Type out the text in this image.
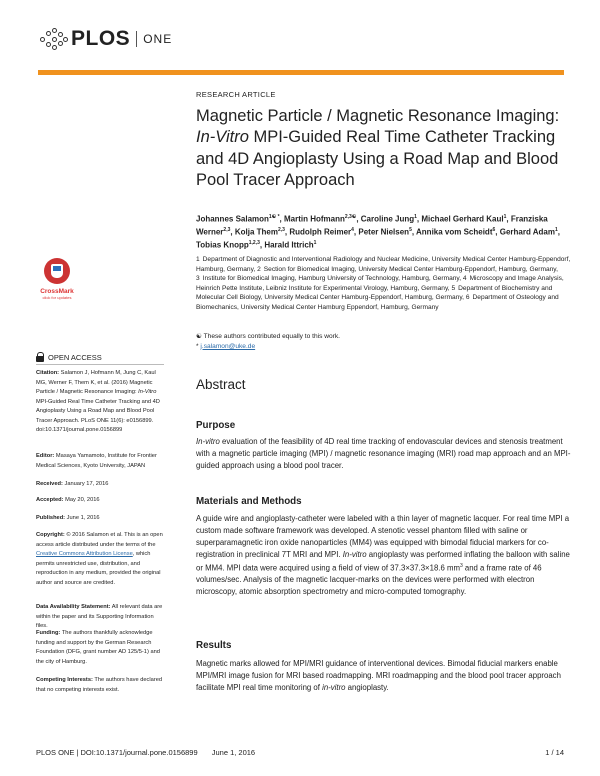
PLOS ONE
CrossMark
click for updates
OPEN ACCESS
Citation: Salamon J, Hofmann M, Jung C, Kaul MG, Werner F, Them K, et al. (2016) Magnetic Particle / Magnetic Resonance Imaging: In-Vitro MPI-Guided Real Time Catheter Tracking and 4D Angioplasty Using a Road Map and Blood Pool Tracer Approach. PLoS ONE 11(6): e0156899. doi:10.1371/journal.pone.0156899
Editor: Masaya Yamamoto, Institute for Frontier Medical Sciences, Kyoto University, JAPAN
Received: January 17, 2016
Accepted: May 20, 2016
Published: June 1, 2016
Copyright: © 2016 Salamon et al. This is an open access article distributed under the terms of the Creative Commons Attribution License, which permits unrestricted use, distribution, and reproduction in any medium, provided the original author and source are credited.
Data Availability Statement: All relevant data are within the paper and its Supporting Information files.
Funding: The authors thankfully acknowledge funding and support by the German Research Foundation (DFG, grant number AD 125/5-1) and the city of Hamburg.
Competing Interests: The authors have declared that no competing interests exist.
RESEARCH ARTICLE
Magnetic Particle / Magnetic Resonance Imaging: In-Vitro MPI-Guided Real Time Catheter Tracking and 4D Angioplasty Using a Road Map and Blood Pool Tracer Approach
Johannes Salamon$^{1☯ *}$, Martin Hofmann$^{2,3☯}$, Caroline Jung$^1$, Michael Gerhard Kaul$^1$, Franziska Werner$^{2,3}$, Kolja Them$^{2,3}$, Rudolph Reimer$^4$, Peter Nielsen$^5$, Annika vom Scheidt$^6$, Gerhard Adam$^1$, Tobias Knopp$^{1,2,3}$, Harald Ittrich$^1$
1 Department of Diagnostic and Interventional Radiology and Nuclear Medicine, University Medical Center Hamburg-Eppendorf, Hamburg, Germany, 2 Section for Biomedical Imaging, University Medical Center Hamburg-Eppendorf, Hamburg, Germany, 3 Institute for Biomedical Imaging, Hamburg University of Technology, Hamburg, Germany, 4 Microscopy and Image Analysis, Heinrich Pette Institute, Leibniz Institute for Experimental Virology, Hamburg, Germany, 5 Department of Biochemistry and Molecular Cell Biology, University Medical Center Hamburg-Eppendorf, Hamburg, Germany, 6 Department of Osteology and Biomechanics, University Medical Center Hamburg Eppendorf, Hamburg, Germany
☯ These authors contributed equally to this work.
* j.salamon@uke.de
Abstract
Purpose
In-vitro evaluation of the feasibility of 4D real time tracking of endovascular devices and stenosis treatment with a magnetic particle imaging (MPI) / magnetic resonance imaging (MRI) road map approach and an MPI-guided approach using a blood pool tracer.
Materials and Methods
A guide wire and angioplasty-catheter were labeled with a thin layer of magnetic lacquer. For real time MPI a custom made software framework was developed. A stenotic vessel phantom filled with saline or superparamagnetic iron oxide nanoparticles (MM4) was equipped with bimodal fiducial markers for co-registration in preclinical 7T MRI and MPI. In-vitro angioplasty was performed inflating the balloon with saline or MM4. MPI data were acquired using a field of view of 37.3×37.3×18.6 $mm^3$ and a frame rate of 46 volumes/sec. Analysis of the magnetic lacquer-marks on the devices were performed with electron microscopy, atomic absorption spectrometry and micro-computed tomography.
Results
Magnetic marks allowed for MPI/MRI guidance of interventional devices. Bimodal fiducial markers enable MPI/MRI image fusion for MRI based roadmapping. MRI roadmapping and the blood pool tracer approach facilitate MPI real time monitoring of in-vitro angioplasty.
PLOS ONE | DOI:10.1371/journal.pone.0156899 June 1, 2016	1 / 14
